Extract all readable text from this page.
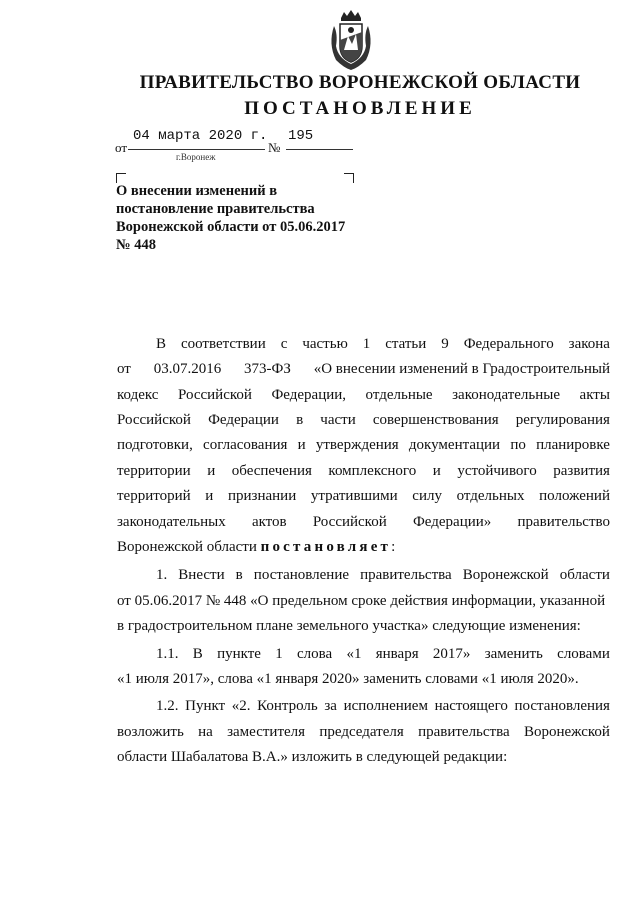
ПРАВИТЕЛЬСТВО ВОРОНЕЖСКОЙ ОБЛАСТИ
ПОСТАНОВЛЕНИЕ
от
04 марта 2020 г.
№
195
г.Воронеж
О внесении изменений в
постановление правительства
Воронежской области от 05.06.2017
№ 448
В соответствии с частью 1 статьи 9 Федерального закона
от 03.07.2016 373-ФЗ «О внесении изменений в Градостроительный
кодекс Российской Федерации, отдельные законодательные акты
Российской Федерации в части совершенствования регулирования
подготовки, согласования и утверждения документации по планировке
территории и обеспечения комплексного и устойчивого развития
территорий и признании утратившими силу отдельных положений
законодательных актов Российской Федерации» правительство
Воронежской области постановляет:
1. Внести в постановление правительства Воронежской области
от 05.06.2017 № 448 «О предельном сроке действия информации, указанной
в градостроительном плане земельного участка» следующие изменения:
1.1. В пункте 1 слова «1 января 2017» заменить словами
«1 июля 2017», слова «1 января 2020» заменить словами «1 июля 2020».
1.2. Пункт «2. Контроль за исполнением настоящего постановления
возложить на заместителя председателя правительства Воронежской
области Шабалатова В.А.» изложить в следующей редакции:
